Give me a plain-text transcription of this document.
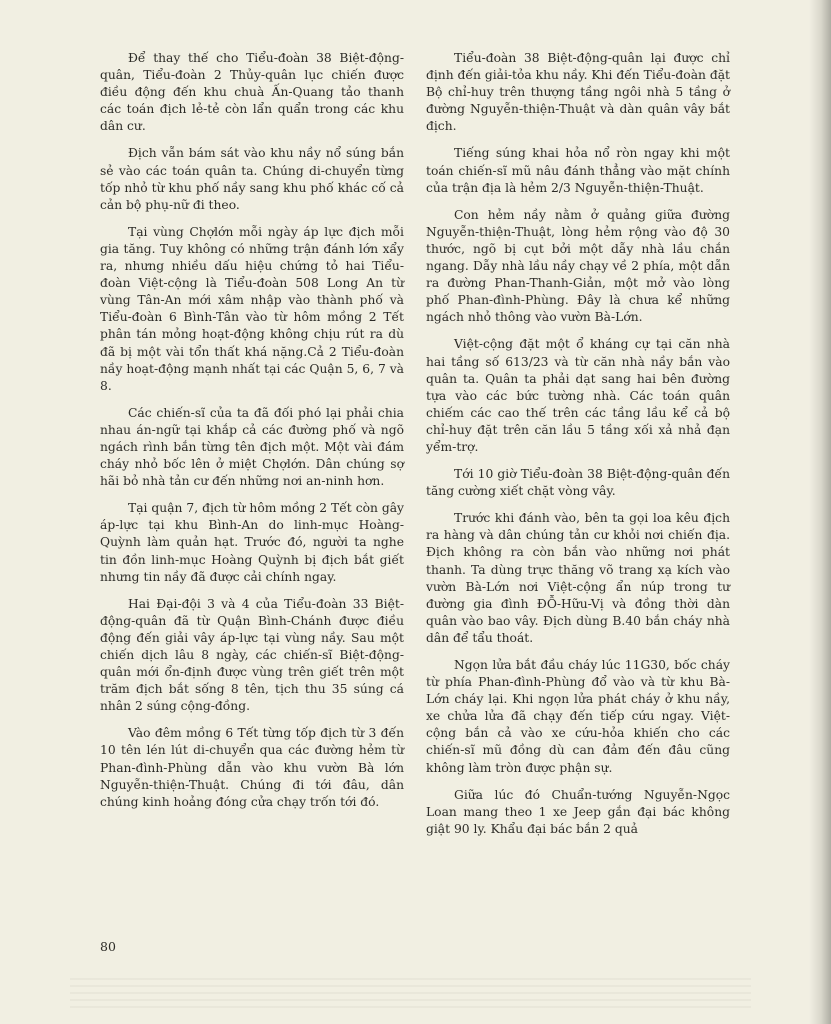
Để thay thế cho Tiểu-đoàn 38 Biệt-động-quân, Tiểu-đoàn 2 Thủy-quân lục chiến được điều động đến khu chuà Ấn-Quang tảo thanh các toán địch lẻ-tẻ còn lẩn quẩn trong các khu dân cư.

Địch vẫn bám sát vào khu nầy nổ súng bắn sẻ vào các toán quân ta. Chúng di-chuyển từng tốp nhỏ từ khu phố nầy sang khu phố khác cố cả cản bộ phụ-nữ đi theo.

Tại vùng Chợlớn mỗi ngày áp lực địch mỗi gia tăng. Tuy không có những trận đánh lớn xẩy ra, nhưng nhiều dấu hiệu chứng tỏ hai Tiểu-đoàn Việt-cộng là Tiểu-đoàn 508 Long An từ vùng Tân-An mới xâm nhập vào thành phố và Tiểu-đoàn 6 Bình-Tân vào từ hôm mồng 2 Tết phân tán mỏng hoạt-động không chịu rút ra dù đã bị một vài tổn thất khá nặng.Cả 2 Tiểu-đoàn nầy hoạt-động mạnh nhất tại các Quận 5, 6, 7 và 8.

Các chiến-sĩ của ta đã đối phó lại phải chia nhau án-ngữ tại khắp cả các đường phố và ngõ ngách rình bắn từng tên địch một. Một vài đám cháy nhỏ bốc lên ở miệt Chợlớn. Dân chúng sợ hãi bỏ nhà tản cư đến những nơi an-ninh hơn.

Tại quận 7, địch từ hôm mồng 2 Tết còn gây áp-lực tại khu Bình-An do linh-mục Hoàng-Quỳnh làm quản hạt. Trước đó, người ta nghe tin đồn linh-mục Hoàng Quỳnh bị địch bắt giết nhưng tin nầy đã được cải chính ngay.

Hai Đại-đội 3 và 4 của Tiểu-đoàn 33 Biệt-động-quân đã từ Quận Bình-Chánh được điều động đến giải vây áp-lực tại vùng nầy. Sau một chiến dịch lâu 8 ngày, các chiến-sĩ Biệt-động-quân mới ổn-định được vùng trên giết trên một trăm địch bắt sống 8 tên, tịch thu 35 súng cá nhân 2 súng cộng-đồng.

Vào đêm mồng 6 Tết từng tốp địch từ 3 đến 10 tên lén lút di-chuyển qua các đường hẻm từ Phan-đình-Phùng dẫn vào khu vườn Bà lớn Nguyễn-thiện-Thuật. Chúng đi tới đâu, dân chúng kinh hoảng đóng cửa chạy trốn tới đó.

Tiểu-đoàn 38 Biệt-động-quân lại được chỉ định đến giải-tỏa khu nầy. Khi đến Tiểu-đoàn đặt Bộ chỉ-huy trên thượng tầng ngôi nhà 5 tầng ở đường Nguyễn-thiện-Thuật và dàn quân vây bắt địch.

Tiếng súng khai hỏa nổ ròn ngay khi một toán chiến-sĩ mũ nâu đánh thẳng vào mặt chính của trận địa là hẻm 2/3 Nguyễn-thiện-Thuật.

Con hẻm nầy nằm ở quảng giữa đường Nguyễn-thiện-Thuật, lòng hẻm rộng vào độ 30 thước, ngõ bị cụt bởi một dẫy nhà lầu chắn ngang. Dẫy nhà lầu nầy chạy về 2 phía, một dẫn ra đường Phan-Thanh-Giản, một mở vào lòng phố Phan-đình-Phùng. Đây là chưa kể những ngách nhỏ thông vào vườn Bà-Lớn.

Việt-cộng đặt một ổ kháng cự tại căn nhà hai tầng số 613/23 và từ căn nhà nầy bắn vào quân ta. Quân ta phải dạt sang hai bên đường tựa vào các bức tường nhà. Các toán quân chiếm các cao thế trên các tầng lầu kể cả bộ chỉ-huy đặt trên căn lầu 5 tầng xối xả nhả đạn yểm-trợ.

Tới 10 giờ Tiểu-đoàn 38 Biệt-động-quân đến tăng cường xiết chặt vòng vây.

Trước khi đánh vào, bên ta gọi loa kêu địch ra hàng và dân chúng tản cư khỏi nơi chiến địa. Địch không ra còn bắn vào những nơi phát thanh. Ta dùng trực thăng võ trang xạ kích vào vườn Bà-Lớn nơi Việt-cộng ẩn núp trong tư đường gia đình ĐỖ-Hữu-Vị và đồng thời dàn quân vào bao vây. Địch dùng B.40 bắn cháy nhà dân để tẩu thoát.

Ngọn lửa bắt đầu cháy lúc 11G30, bốc cháy từ phía Phan-đình-Phùng đổ vào và từ khu Bà-Lớn cháy lại. Khi ngọn lửa phát cháy ở khu nầy, xe chửa lửa đã chạy đến tiếp cứu ngay. Việt-cộng bắn cả vào xe cứu-hỏa khiến cho các chiến-sĩ mũ đồng dù can đảm đến đâu cũng không làm tròn được phận sự.

Giữa lúc đó Chuẩn-tướng Nguyễn-Ngọc Loan mang theo 1 xe Jeep gắn đại bác không giật 90 ly. Khẩu đại bác bắn 2 quả

80
